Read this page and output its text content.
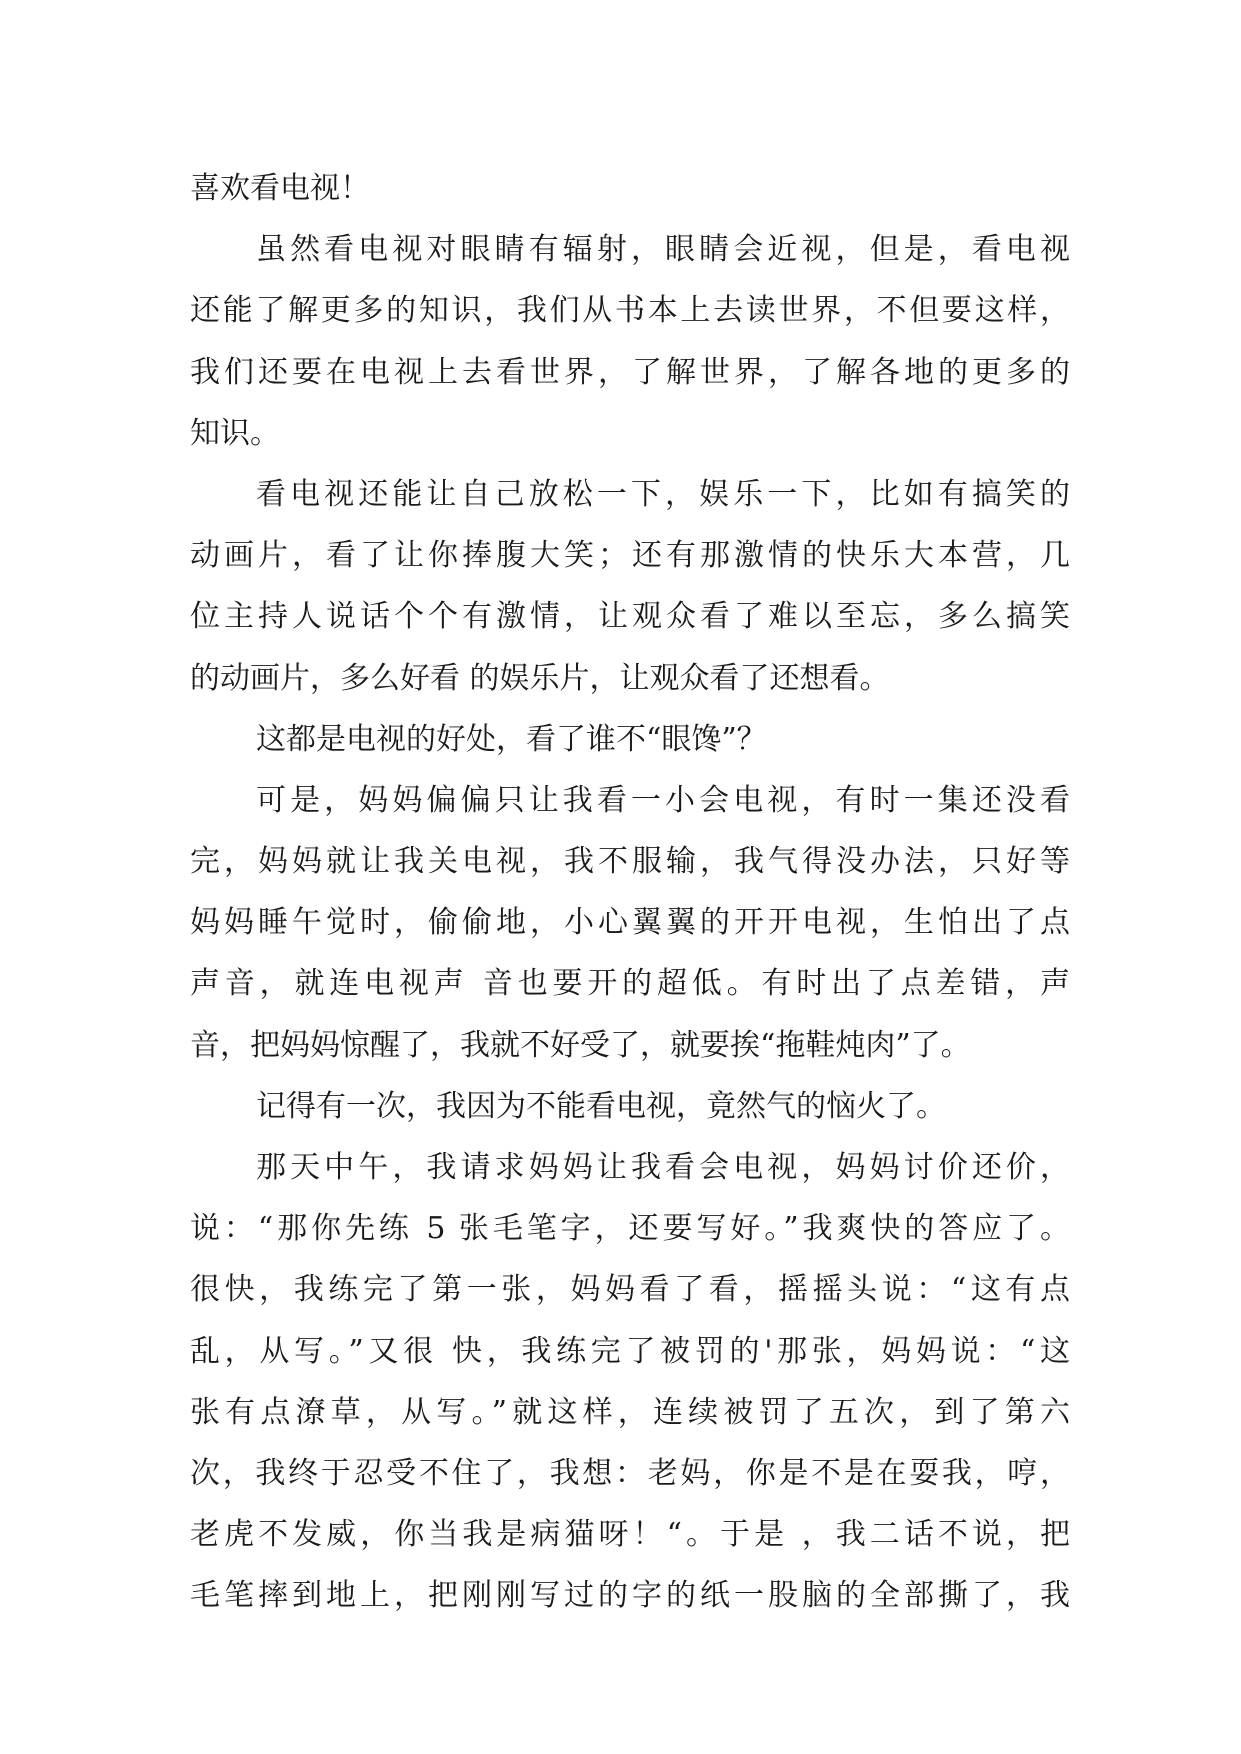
喜欢看电视！
虽然看电视对眼睛有辐射，眼睛会近视，但是，看电视
还能了解更多的知识，我们从书本上去读世界，不但要这样，
我们还要在电视上去看世界，了解世界，了解各地的更多的
知识。
看电视还能让自己放松一下，娱乐一下，比如有搞笑的
动画片，看了让你捧腹大笑；还有那激情的快乐大本营，几
位主持人说话个个有激情，让观众看了难以至忘，多么搞笑
的动画片，多么好看 的娱乐片，让观众看了还想看。
这都是电视的好处，看了谁不“眼馋”？
可是，妈妈偏偏只让我看一小会电视，有时一集还没看
完，妈妈就让我关电视，我不服输，我气得没办法，只好等
妈妈睡午觉时，偷偷地，小心翼翼的开开电视，生怕出了点
声音，就连电视声 音也要开的超低。有时出了点差错，声
音，把妈妈惊醒了，我就不好受了，就要挨“拖鞋炖肉”了。
记得有一次，我因为不能看电视，竟然气的恼火了。
那天中午，我请求妈妈让我看会电视，妈妈讨价还价，
说：“那你先练 5 张毛笔字，还要写好。”我爽快的答应了。
很快，我练完了第一张，妈妈看了看，摇摇头说：“这有点
乱，从写。”又很 快，我练完了被罚的'那张，妈妈说：“这
张有点潦草，从写。”就这样，连续被罚了五次，到了第六
次，我终于忍受不住了，我想：老妈，你是不是在耍我，哼，
老虎不发威，你当我是病猫呀！“。于是 ，我二话不说，把
毛笔摔到地上，把刚刚写过的字的纸一股脑的全部撕了，我
